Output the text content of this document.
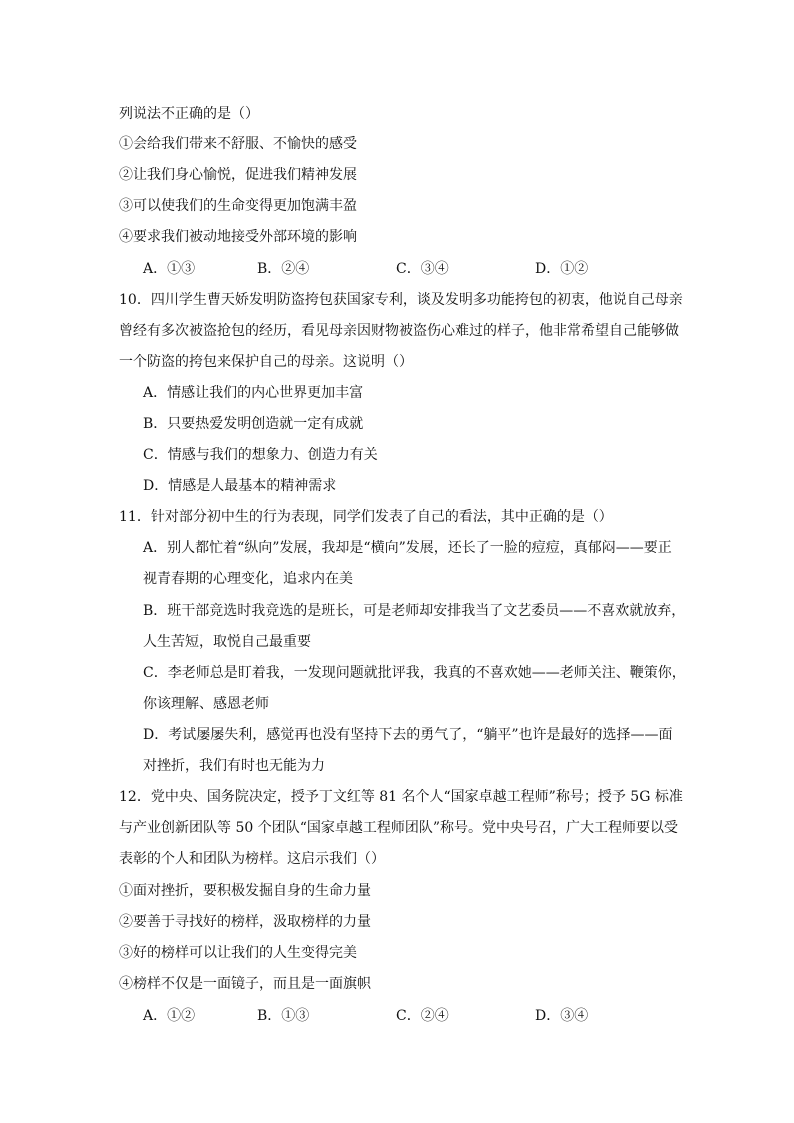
列说法不正确的是（）
①会给我们带来不舒服、不愉快的感受
②让我们身心愉悦，促进我们精神发展
③可以使我们的生命变得更加饱满丰盈
④要求我们被动地接受外部环境的影响
A．①③	B．②④	C．③④	D．①②
10．四川学生曹天娇发明防盗挎包获国家专利，谈及发明多功能挎包的初衷，他说自己母亲
曾经有多次被盗抢包的经历，看见母亲因财物被盗伤心难过的样子，他非常希望自己能够做
一个防盗的挎包来保护自己的母亲。这说明（）
A．情感让我们的内心世界更加丰富
B．只要热爱发明创造就一定有成就
C．情感与我们的想象力、创造力有关
D．情感是人最基本的精神需求
11．针对部分初中生的行为表现，同学们发表了自己的看法，其中正确的是（）
A．别人都忙着“纵向”发展，我却是“横向”发展，还长了一脸的痘痘，真郁闷——要正
视青春期的心理变化，追求内在美
B．班干部竞选时我竞选的是班长，可是老师却安排我当了文艺委员——不喜欢就放弃，
人生苦短，取悦自己最重要
C．李老师总是盯着我，一发现问题就批评我，我真的不喜欢她——老师关注、鞭策你，
你该理解、感恩老师
D．考试屡屡失利，感觉再也没有坚持下去的勇气了，“躺平”也许是最好的选择——面
对挫折，我们有时也无能为力
12．党中央、国务院决定，授予丁文红等 81 名个人“国家卓越工程师”称号；授予 5G 标准
与产业创新团队等 50 个团队“国家卓越工程师团队”称号。党中央号召，广大工程师要以受
表彰的个人和团队为榜样。这启示我们（）
①面对挫折，要积极发掘自身的生命力量
②要善于寻找好的榜样，汲取榜样的力量
③好的榜样可以让我们的人生变得完美
④榜样不仅是一面镜子，而且是一面旗帜
A．①②	B．①③	C．②④	D．③④
